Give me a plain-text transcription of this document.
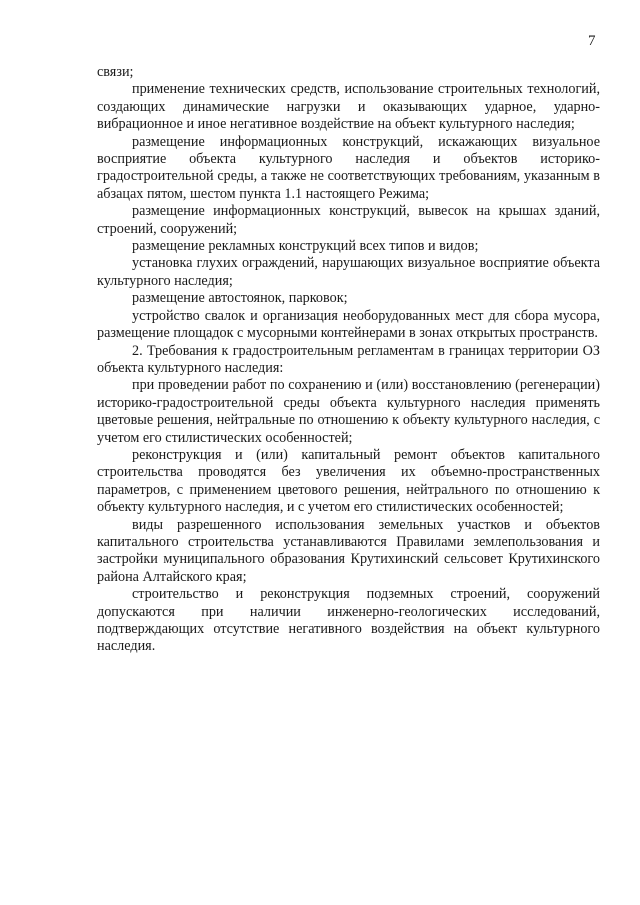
7

связи;

применение технических средств, использование строительных технологий, создающих динамические нагрузки и оказывающих ударное, ударно-вибрационное и иное негативное воздействие на объект культурного наследия;

размещение информационных конструкций, искажающих визуальное восприятие объекта культурного наследия и объектов историко-градостроительной среды, а также не соответствующих требованиям, указанным в абзацах пятом, шестом пункта 1.1 настоящего Режима;

размещение информационных конструкций, вывесок на крышах зданий, строений, сооружений;

размещение рекламных конструкций всех типов и видов;

установка глухих ограждений, нарушающих визуальное восприятие объекта культурного наследия;

размещение автостоянок, парковок;

устройство свалок и организация необорудованных мест для сбора мусора, размещение площадок с мусорными контейнерами в зонах открытых пространств.

2. Требования к градостроительным регламентам в границах территории ОЗ объекта культурного наследия:

при проведении работ по сохранению и (или) восстановлению (регенерации) историко-градостроительной среды объекта культурного наследия применять цветовые решения, нейтральные по отношению к объекту культурного наследия, с учетом его стилистических особенностей;

реконструкция и (или) капитальный ремонт объектов капитального строительства проводятся без увеличения их объемно-пространственных параметров, с применением цветового решения, нейтрального по отношению к объекту культурного наследия, и с учетом его стилистических особенностей;

виды разрешенного использования земельных участков и объектов капитального строительства устанавливаются Правилами землепользования и застройки муниципального образования Крутихинский сельсовет Крутихинского района Алтайского края;

строительство и реконструкция подземных строений, сооружений допускаются при наличии инженерно-геологических исследований, подтверждающих отсутствие негативного воздействия на объект культурного наследия.
